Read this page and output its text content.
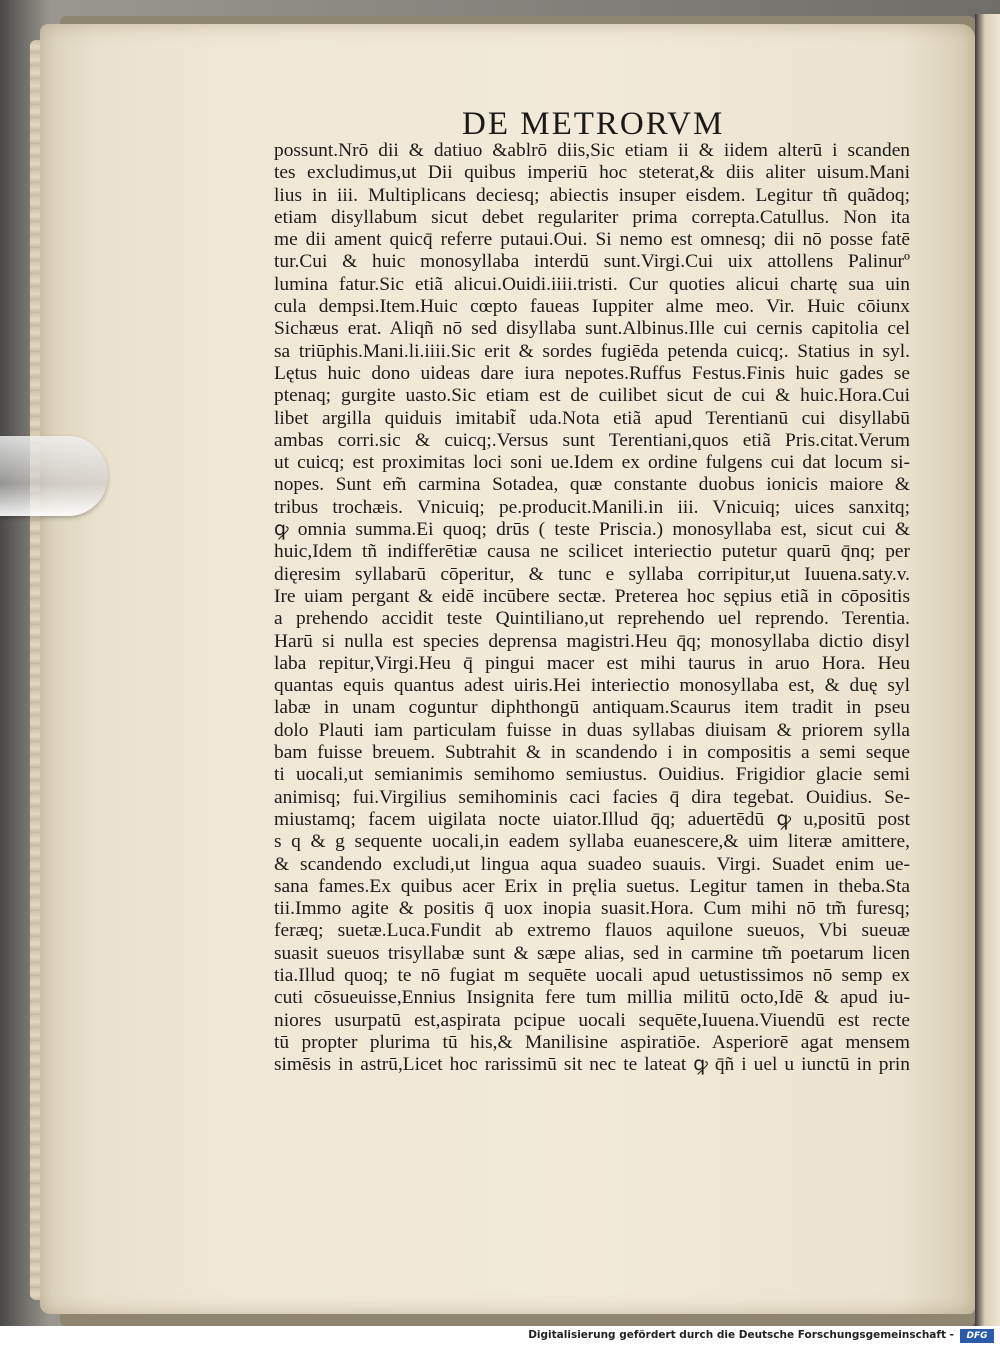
DE METRORVM
possunt.Nrō dii & datiuo &ablrō diis,Sic etiam ii & iidem alterū i scanden
tes excludimus,ut Dii quibus imperiū hoc steterat,& diis aliter uisum.Mani
lius in iii. Multiplicans deciesq; abiectis insuper eisdem. Legitur tñ quãdoq;
etiam disyllabum sicut debet regulariter prima correpta.Catullus. Non ita
me dii ament quicq̄ referre putaui.Oui. Si nemo est omnesq; dii nō posse fatē
tur.Cui & huic monosyllaba interdū sunt.Virgi.Cui uix attollens Palinurº
lumina fatur.Sic etiã alicui.Ouidi.iiii.tristi. Cur quoties alicui chartę sua uin
cula dempsi.Item.Huic cœpto faueas Iuppiter alme meo. Vir. Huic cōiunx
Sichæus erat. Aliqñ nō sed disyllaba sunt.Albinus.Ille cui cernis capitolia cel
sa triūphis.Mani.li.iiii.Sic erit & sordes fugiēda petenda cuicq;. Statius in syl.
Lętus huic dono uideas dare iura nepotes.Ruffus Festus.Finis huic gades se
ptenaq; gurgite uasto.Sic etiam est de cuilibet sicut de cui & huic.Hora.Cui
libet argilla quiduis imitabit̃ uda.Nota etiã apud Terentianū cui disyllabū
ambas corri.sic & cuicq;.Versus sunt Terentiani,quos etiã Pris.citat.Verum
ut cuicq; est proximitas loci soni ue.Idem ex ordine fulgens cui dat locum si-
nopes. Sunt em̃ carmina Sotadea, quæ constante duobus ionicis maiore &
tribus trochæis. Vnicuiq; pe.producit.Manili.in iii. Vnicuiq; uices sanxitq;
ꝙ omnia summa.Ei quoq; drūs ( teste Priscia.) monosyllaba est, sicut cui &
huic,Idem tñ indifferētiæ causa ne scilicet interiectio putetur quarū q̄nq; per
dięresim syllabarū cōperitur, & tunc e syllaba corripitur,ut Iuuena.saty.v.
Ire uiam pergant & eidē incūbere sectæ. Preterea hoc sępius etiã in cōpositis
a prehendo accidit teste Quintiliano,ut reprehendo uel reprendo. Terentia.
Harū si nulla est species deprensa magistri.Heu q̄q; monosyllaba dictio disyl
laba repitur,Virgi.Heu q̄ pingui macer est mihi taurus in aruo Hora. Heu
quantas equis quantus adest uiris.Hei interiectio monosyllaba est, & duę syl
labæ in unam coguntur diphthongū antiquam.Scaurus item tradit in pseu
dolo Plauti iam particulam fuisse in duas syllabas diuisam & priorem sylla
bam fuisse breuem. Subtrahit & in scandendo i in compositis a semi seque
ti uocali,ut semianimis semihomo semiustus. Ouidius. Frigidior glacie semi
animisq; fui.Virgilius semihominis caci facies q̄ dira tegebat. Ouidius. Se-
miustamq; facem uigilata nocte uiator.Illud q̄q; aduertēdū ꝙ u,positū post
s q & g sequente uocali,in eadem syllaba euanescere,& uim literæ amittere,
& scandendo excludi,ut lingua aqua suadeo suauis. Virgi. Suadet enim ue-
sana fames.Ex quibus acer Erix in pręlia suetus. Legitur tamen in theba.Sta
tii.Immo agite & positis q̄ uox inopia suasit.Hora. Cum mihi nō tm̃ furesq;
feræq; suetæ.Luca.Fundit ab extremo flauos aquilone sueuos, Vbi sueuæ
suasit sueuos trisyllabæ sunt & sæpe alias, sed in carmine tm̃ poetarum licen
tia.Illud quoq; te nō fugiat m sequēte uocali apud uetustissimos nō semp ex
cuti cōsueuisse,Ennius Insignita fere tum millia militū octo,Idē & apud iu-
niores usurpatū est,aspirata pcipue uocali sequēte,Iuuena.Viuendū est recte
tū propter plurima tū his,& Manilisine aspiratiōe. Asperiorē agat mensem
simēsis in astrū,Licet hoc rarissimū sit nec te lateat ꝙ q̄ñ i uel u iunctū in prin
Digitalisierung gefördert durch die Deutsche Forschungsgemeinschaft -	DFG
